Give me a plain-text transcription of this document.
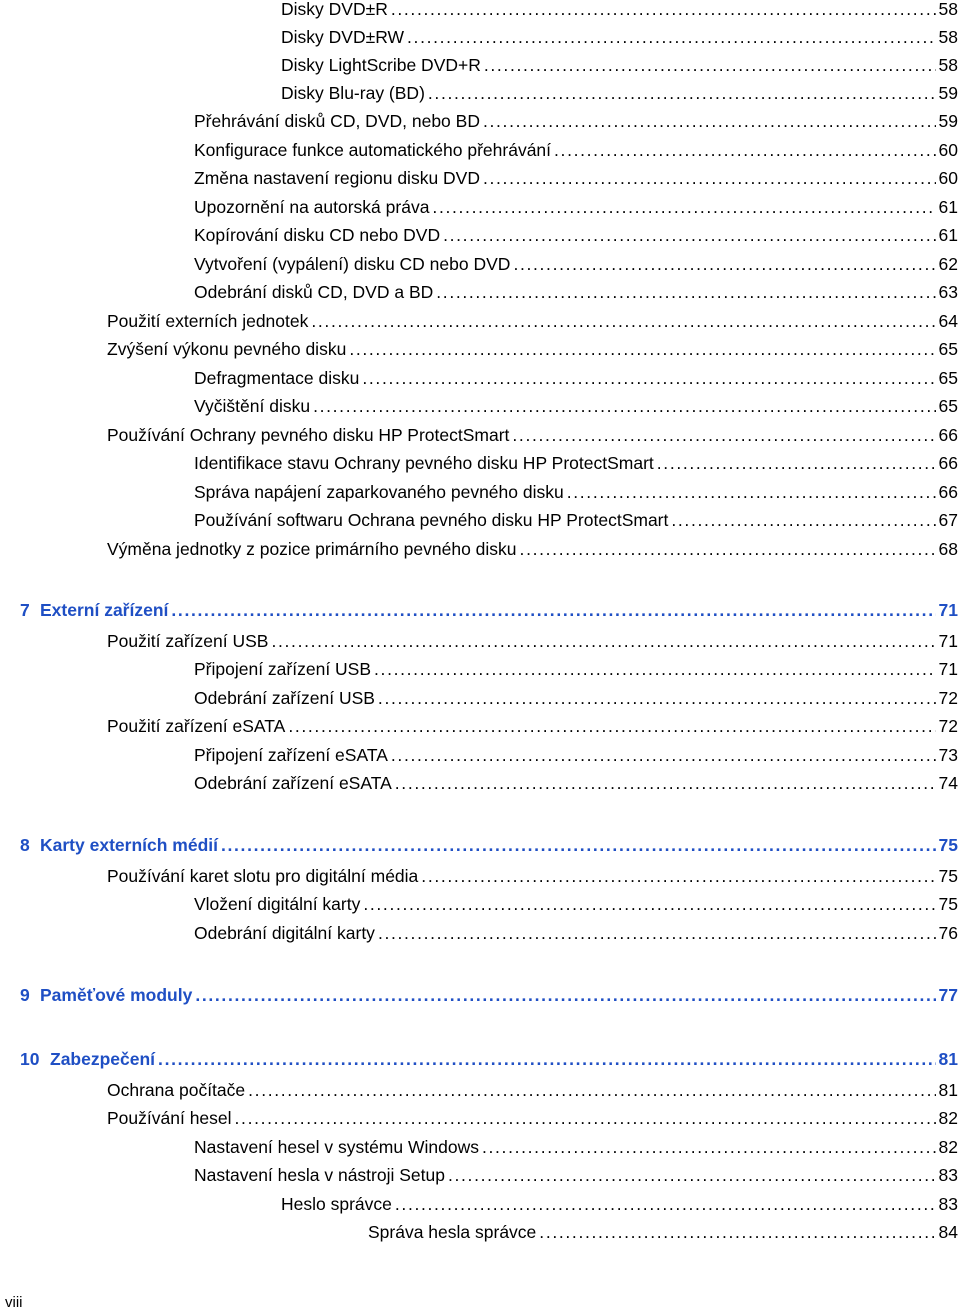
Disky DVD±R . . .	58
Disky DVD±RW . . .	58
Disky LightScribe DVD+R . . .	58
Disky Blu-ray (BD) . . .	59
Přehrávání disků CD, DVD, nebo BD . . .	59
Konfigurace funkce automatického přehrávání . . .	60
Změna nastavení regionu disku DVD . . .	60
Upozornění na autorská práva . . .	61
Kopírování disku CD nebo DVD . . .	61
Vytvoření (vypálení) disku CD nebo DVD . . .	62
Odebrání disků CD, DVD a BD . . .	63
Použití externích jednotek . . .	64
Zvýšení výkonu pevného disku . . .	65
Defragmentace disku . . .	65
Vyčištění disku . . .	65
Používání Ochrany pevného disku HP ProtectSmart . . .	66
Identifikace stavu Ochrany pevného disku HP ProtectSmart . . .	66
Správa napájení zaparkovaného pevného disku . . .	66
Používání softwaru Ochrana pevného disku HP ProtectSmart . . .	67
Výměna jednotky z pozice primárního pevného disku . . .	68
7 Externí zařízení . . .	71
Použití zařízení USB . . .	71
Připojení zařízení USB . . .	71
Odebrání zařízení USB . . .	72
Použití zařízení eSATA . . .	72
Připojení zařízení eSATA . . .	73
Odebrání zařízení eSATA . . .	74
8 Karty externích médií . . .	75
Používání karet slotu pro digitální média . . .	75
Vložení digitální karty . . .	75
Odebrání digitální karty . . .	76
9 Paměťové moduly . . .	77
10 Zabezpečení . . .	81
Ochrana počítače . . .	81
Používání hesel . . .	82
Nastavení hesel v systému Windows . . .	82
Nastavení hesla v nástroji Setup . . .	83
Heslo správce . . .	83
Správa hesla správce . . .	84
viii
